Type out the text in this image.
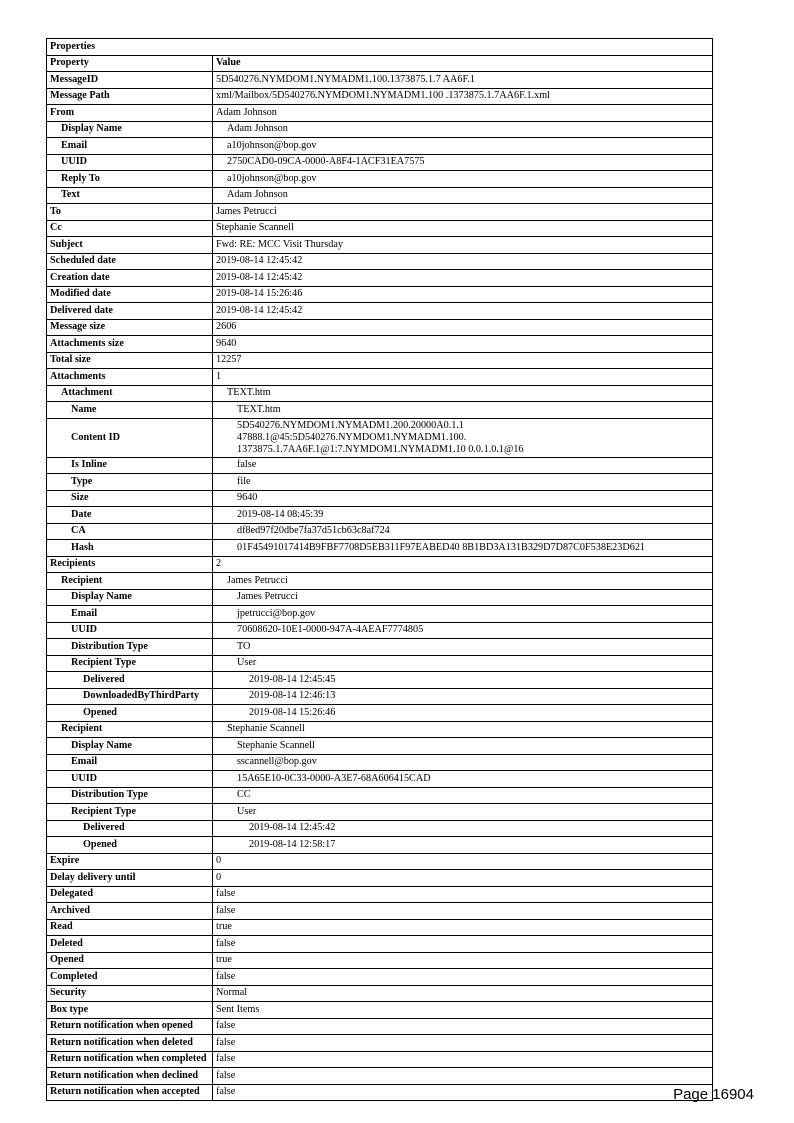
Properties	
Property	Value
MessageID	5D540276.NYMDOM1.NYMADM1.100.1373875.1.7 AA6F.1
Message Path	xml/Mailbox/5D540276.NYMDOM1.NYMADM1.100 .1373875.1.7AA6F.1.xml
From	Adam Johnson
Display Name	Adam Johnson
Email	a10johnson@bop.gov
UUID	2750CAD0-09CA-0000-A8F4-1ACF31EA7575
Reply To	a10johnson@bop.gov
Text	Adam Johnson
To	James Petrucci
Cc	Stephanie Scannell
Subject	Fwd: RE: MCC Visit Thursday
Scheduled date	2019-08-14 12:45:42
Creation date	2019-08-14 12:45:42
Modified date	2019-08-14 15:26:46
Delivered date	2019-08-14 12:45:42
Message size	2606
Attachments size	9640
Total size	12257
Attachments	1
Attachment	TEXT.htm
Name	TEXT.htm
Content ID	5D540276.NYMDOM1.NYMADM1.200.20000A0.1.1
47888.1@45:5D540276.NYMDOM1.NYMADM1.100.
1373875.1.7AA6F.1@1:7.NYMDOM1.NYMADM1.10 0.0.1.0.1@16

Is Inline	false
Type	file
Size	9640
Date	2019-08-14 08:45:39
CA	df8ed97f20dbe7fa37d51cb63c8af724
Hash	01F45491017414B9FBF7708D5EB311F97EABED40 8B1BD3A131B329D7D87C0F538E23D621
Recipients	2
Recipient	James Petrucci
Display Name	James Petrucci
Email	jpetrucci@bop.gov
UUID	70608620-10E1-0000-947A-4AEAF7774805
Distribution Type	TO
Recipient Type	User
Delivered	2019-08-14 12:45:45
DownloadedByThirdParty	2019-08-14 12:46:13
Opened	2019-08-14 15:26:46
Recipient	Stephanie Scannell
Display Name	Stephanie Scannell
Email	sscannell@bop.gov
UUID	15A65E10-0C33-0000-A3E7-68A606415CAD
Distribution Type	CC
Recipient Type	User
Delivered	2019-08-14 12:45:42
Opened	2019-08-14 12:58:17
Expire	0
Delay delivery until	0
Delegated	false
Archived	false
Read	true
Deleted	false
Opened	true
Completed	false
Security	Normal
Box type	Sent Items
Return notification when opened	false
Return notification when deleted	false
Return notification when completed	false
Return notification when declined	false
Return notification when accepted	false	Page 16904
